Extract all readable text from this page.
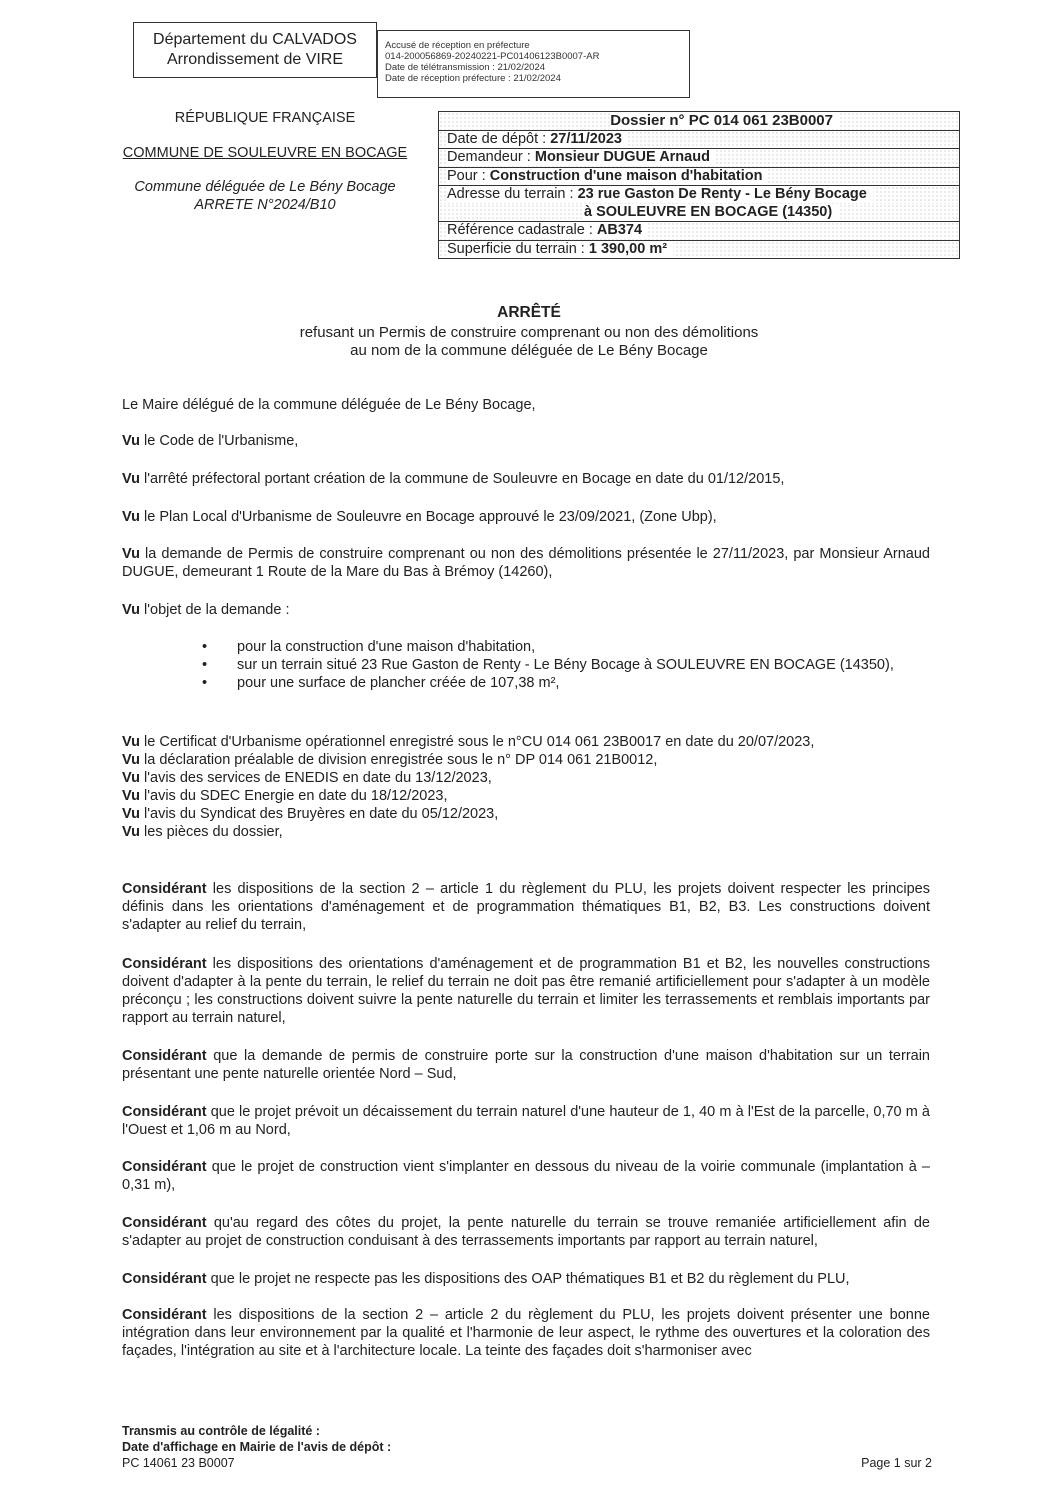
Département du CALVADOS
Arrondissement de VIRE
Accusé de réception en préfecture
014-200056869-20240221-PC01406123B0007-AR
Date de télétransmission : 21/02/2024
Date de réception préfecture : 21/02/2024
RÉPUBLIQUE FRANÇAISE
COMMUNE DE SOULEUVRE EN BOCAGE
Commune déléguée de Le Bény Bocage
ARRETE N°2024/B10
Dossier n° PC 014 061 23B0007
Date de dépôt : 27/11/2023
Demandeur : Monsieur DUGUE Arnaud
Pour : Construction d'une maison d'habitation
Adresse du terrain : 23 rue Gaston De Renty - Le Bény Bocage
à SOULEUVRE EN BOCAGE (14350)
Référence cadastrale : AB374
Superficie du terrain : 1 390,00 m²
ARRÊTÉ
refusant un Permis de construire comprenant ou non des démolitions
au nom de la commune déléguée de Le Bény Bocage
Le Maire délégué de la commune déléguée de Le Bény Bocage,
Vu le Code de l'Urbanisme,
Vu l'arrêté préfectoral portant création de la commune de Souleuvre en Bocage en date du 01/12/2015,
Vu le Plan Local d'Urbanisme de Souleuvre en Bocage approuvé le 23/09/2021, (Zone Ubp),
Vu la demande de Permis de construire comprenant ou non des démolitions présentée le 27/11/2023, par Monsieur Arnaud DUGUE, demeurant 1 Route de la Mare du Bas à Brémoy (14260),
Vu l'objet de la demande :
• pour la construction d'une maison d'habitation,
• sur un terrain situé 23 Rue Gaston de Renty - Le Bény Bocage à SOULEUVRE EN BOCAGE (14350),
• pour une surface de plancher créée de 107,38 m²,
Vu le Certificat d'Urbanisme opérationnel enregistré sous le n°CU 014 061 23B0017 en date du 20/07/2023,
Vu la déclaration préalable de division enregistrée sous le n° DP 014 061 21B0012,
Vu l'avis des services de ENEDIS en date du 13/12/2023,
Vu l'avis du SDEC Energie en date du 18/12/2023,
Vu l'avis du Syndicat des Bruyères en date du 05/12/2023,
Vu les pièces du dossier,
Considérant les dispositions de la section 2 – article 1 du règlement du PLU, les projets doivent respecter les principes définis dans les orientations d'aménagement et de programmation thématiques B1, B2, B3. Les constructions doivent s'adapter au relief du terrain,
Considérant les dispositions des orientations d'aménagement et de programmation B1 et B2, les nouvelles constructions doivent d'adapter à la pente du terrain, le relief du terrain ne doit pas être remanié artificiellement pour s'adapter à un modèle préconçu ; les constructions doivent suivre la pente naturelle du terrain et limiter les terrassements et remblais importants par rapport au terrain naturel,
Considérant que la demande de permis de construire porte sur la construction d'une maison d'habitation sur un terrain présentant une pente naturelle orientée Nord – Sud,
Considérant que le projet prévoit un décaissement du terrain naturel d'une hauteur de 1, 40 m à l'Est de la parcelle, 0,70 m à l'Ouest et 1,06 m au Nord,
Considérant que le projet de construction vient s'implanter en dessous du niveau de la voirie communale (implantation à – 0,31 m),
Considérant qu'au regard des côtes du projet, la pente naturelle du terrain se trouve remaniée artificiellement afin de s'adapter au projet de construction conduisant à des terrassements importants par rapport au terrain naturel,
Considérant que le projet ne respecte pas les dispositions des OAP thématiques B1 et B2 du règlement du PLU,
Considérant les dispositions de la section 2 – article 2 du règlement du PLU, les projets doivent présenter une bonne intégration dans leur environnement par la qualité et l'harmonie de leur aspect, le rythme des ouvertures et la coloration des façades, l'intégration au site et à l'architecture locale. La teinte des façades doit s'harmoniser avec
Transmis au contrôle de légalité :
Date d'affichage en Mairie de l'avis de dépôt :
PC 14061 23 B0007	Page 1 sur 2
